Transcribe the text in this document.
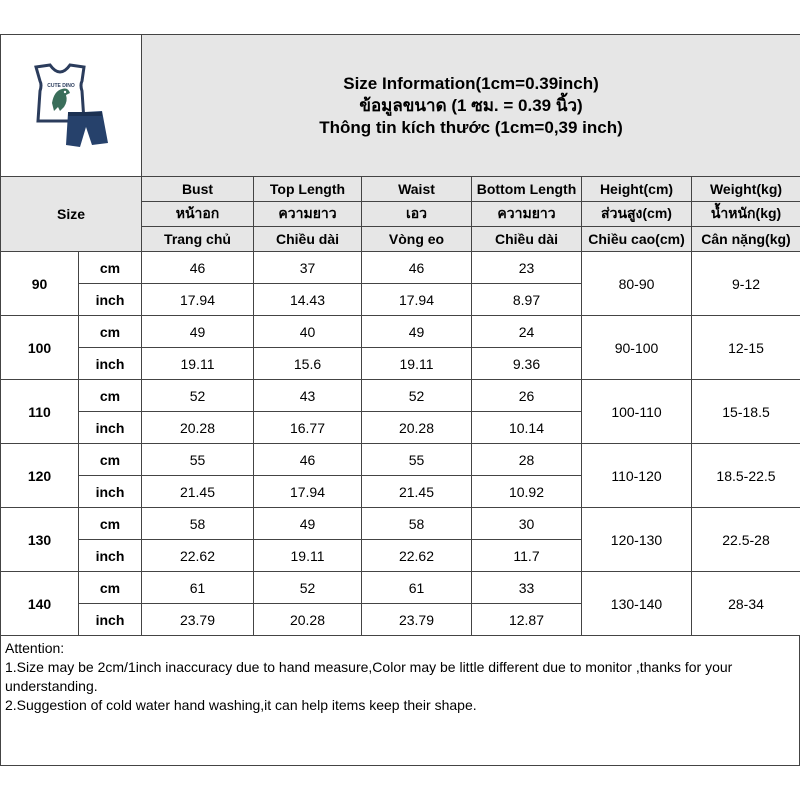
CUTE DINO		Size Information(1cm=0.39inch)
ข้อมูลขนาด (1 ซม. = 0.39 นิ้ว)
Thông tin kích thước (1cm=0,39 inch)					

Size		Bust	Top Length	Waist	Bottom Length	Height(cm)	Weight(kg)
		หน้าอก	ความยาว	เอว	ความยาว	ส่วนสูง(cm)	น้ำหนัก(kg)
		Trang chủ	Chiều dài	Vòng eo	Chiều dài	Chiều cao(cm)	Cân nặng(kg)
90	cm	46	37	46	23	80-90	9-12
	inch	17.94	14.43	17.94	8.97		
100	cm	49	40	49	24	90-100	12-15
	inch	19.11	15.6	19.11	9.36		
110	cm	52	43	52	26	100-110	15-18.5
	inch	20.28	16.77	20.28	10.14		
120	cm	55	46	55	28	110-120	18.5-22.5
	inch	21.45	17.94	21.45	10.92		
130	cm	58	49	58	30	120-130	22.5-28
	inch	22.62	19.11	22.62	11.7		
140	cm	61	52	61	33	130-140	28-34
	inch	23.79	20.28	23.79	12.87		
Attention:
1.Size may be 2cm/1inch inaccuracy due to hand measure,Color may be little different due to monitor ,thanks for your understanding.
2.Suggestion of cold water hand washing,it can help items keep their shape.
